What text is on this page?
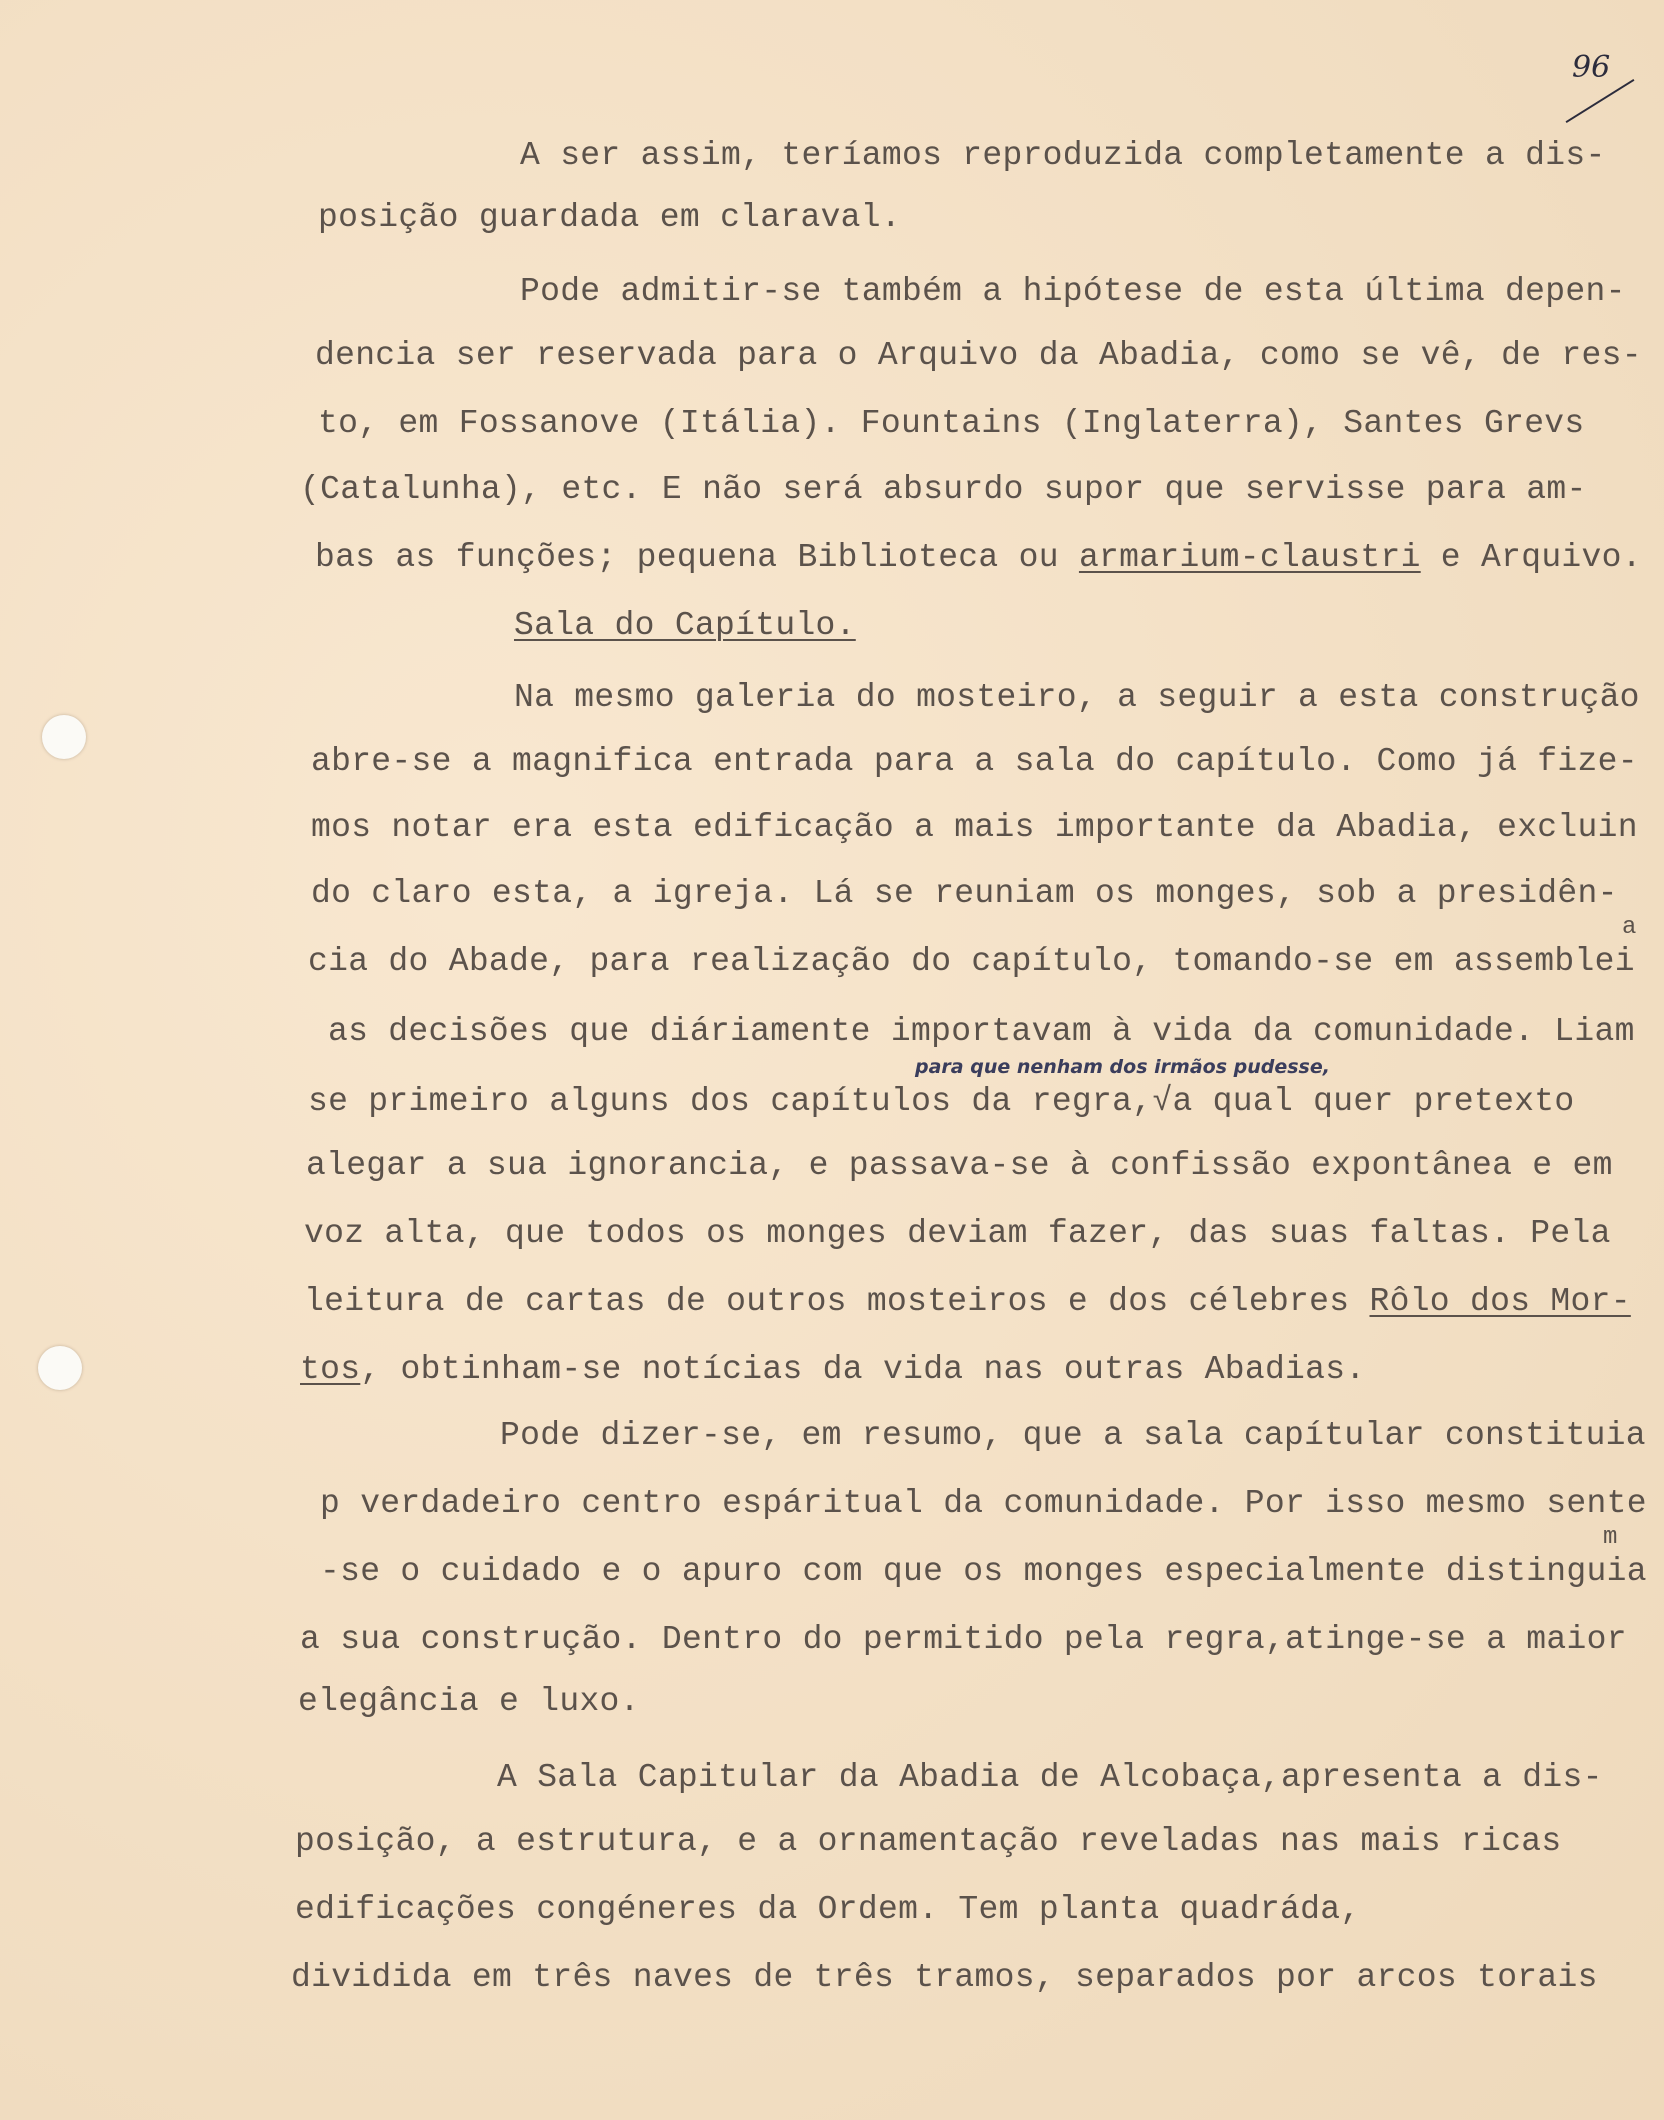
96
A ser assim, teríamos reproduzida completamente a dis-
posição guardada em claraval.
Pode admitir-se também a hipótese de esta última depen-
dencia ser reservada para o Arquivo da Abadia, como se vê, de res-
to, em Fossanove (Itália). Fountains (Inglaterra), Santes Grevs
(Catalunha), etc. E não será absurdo supor que servisse para am-
bas as funções; pequena Biblioteca ou armarium-claustri e Arquivo.
Sala do Capítulo.
Na mesmo galeria do mosteiro, a seguir a esta construção
abre-se a magnifica entrada para a sala do capítulo. Como já fize-
mos notar era esta edificação a mais importante da Abadia, excluin
do claro esta, a igreja. Lá se reuniam os monges, sob a presidên-
cia do Abade, para realização do capítulo, tomando-se em assemblei
as decisões que diáriamente importavam à vida da comunidade. Liam
se primeiro alguns dos capítulos da regra,√a qual quer pretexto
alegar a sua ignorancia, e passava-se à confissão expontânea e em
voz alta, que todos os monges deviam fazer, das suas faltas. Pela
leitura de cartas de outros mosteiros e dos célebres Rôlo dos Mor-
tos, obtinham-se notícias da vida nas outras Abadias.
Pode dizer-se, em resumo, que a sala capítular constituia
p verdadeiro centro espáritual da comunidade. Por isso mesmo sente
-se o cuidado e o apuro com que os monges especialmente distinguia
a sua construção. Dentro do permitido pela regra,atinge-se a maior
elegância e luxo.
A Sala Capitular da Abadia de Alcobaça,apresenta a dis-
posição, a estrutura, e a ornamentação reveladas nas mais ricas
edificações congéneres da Ordem. Tem planta quadráda,
dividida em três naves de três tramos, separados por arcos torais
para que nenham dos irmãos pudesse,
a
m
